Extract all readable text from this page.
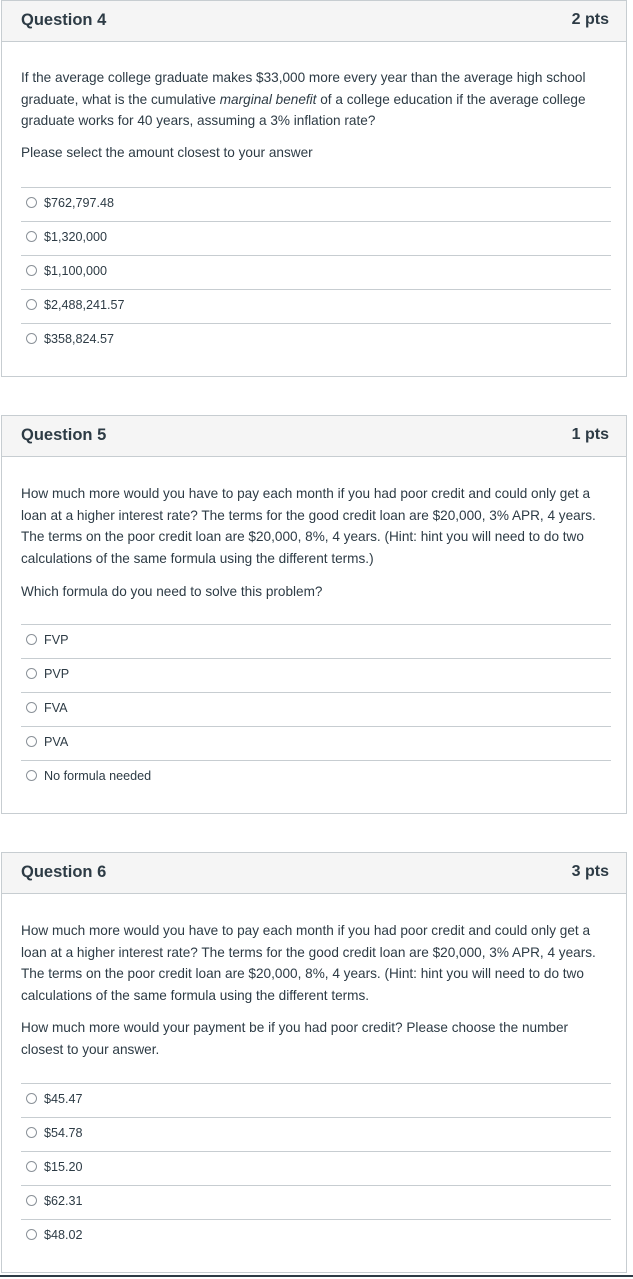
Question 4	2 pts

If the average college graduate makes $33,000 more every year than the average high school graduate, what is the cumulative marginal benefit of a college education if the average college graduate works for 40 years, assuming a 3% inflation rate?

Please select the amount closest to your answer

$762,797.48
$1,320,000
$1,100,000
$2,488,241.57
$358,824.57
Question 5	1 pts

How much more would you have to pay each month if you had poor credit and could only get a loan at a higher interest rate? The terms for the good credit loan are $20,000, 3% APR, 4 years. The terms on the poor credit loan are $20,000, 8%, 4 years. (Hint: hint you will need to do two calculations of the same formula using the different terms.)

Which formula do you need to solve this problem?

FVP
PVP
FVA
PVA
No formula needed
Question 6	3 pts

How much more would you have to pay each month if you had poor credit and could only get a loan at a higher interest rate? The terms for the good credit loan are $20,000, 3% APR, 4 years. The terms on the poor credit loan are $20,000, 8%, 4 years. (Hint: hint you will need to do two calculations of the same formula using the different terms.

How much more would your payment be if you had poor credit? Please choose the number closest to your answer.

$45.47
$54.78
$15.20
$62.31
$48.02
